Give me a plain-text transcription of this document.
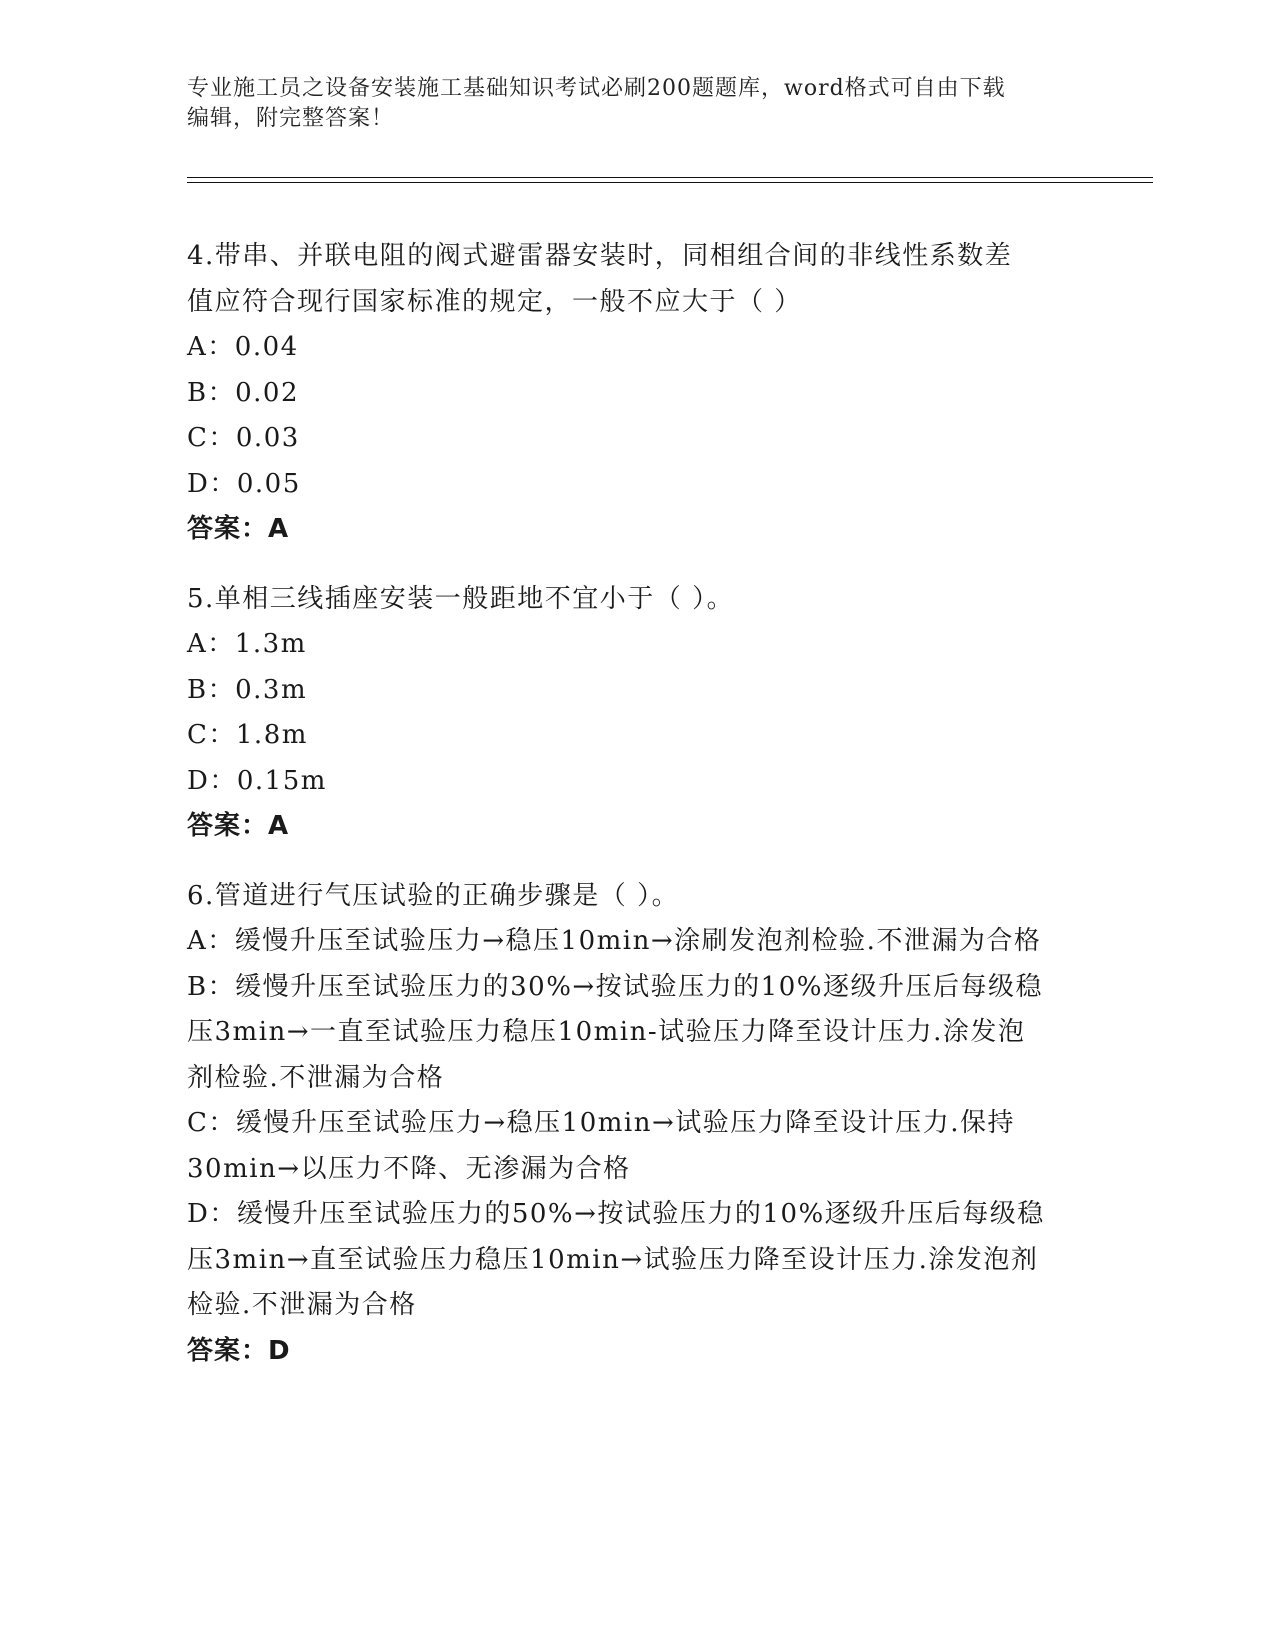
专业施工员之设备安装施工基础知识考试必刷200题题库，word格式可自由下载
编辑，附完整答案！
4.带串、并联电阻的阀式避雷器安装时，同相组合间的非线性系数差
值应符合现行国家标准的规定，一般不应大于（ ）
A：0.04
B：0.02
C：0.03
D：0.05
答案：A
5.单相三线插座安装一般距地不宜小于（ ）。
A：1.3m
B：0.3m
C：1.8m
D：0.15m
答案：A
6.管道进行气压试验的正确步骤是（ ）。
A：缓慢升压至试验压力→稳压10min→涂刷发泡剂检验.不泄漏为合格
B：缓慢升压至试验压力的30%→按试验压力的10%逐级升压后每级稳
压3min→一直至试验压力稳压10min-试验压力降至设计压力.涂发泡
剂检验.不泄漏为合格
C：缓慢升压至试验压力→稳压10min→试验压力降至设计压力.保持
30min→以压力不降、无渗漏为合格
D：缓慢升压至试验压力的50%→按试验压力的10%逐级升压后每级稳
压3min→直至试验压力稳压10min→试验压力降至设计压力.涂发泡剂
检验.不泄漏为合格
答案：D
